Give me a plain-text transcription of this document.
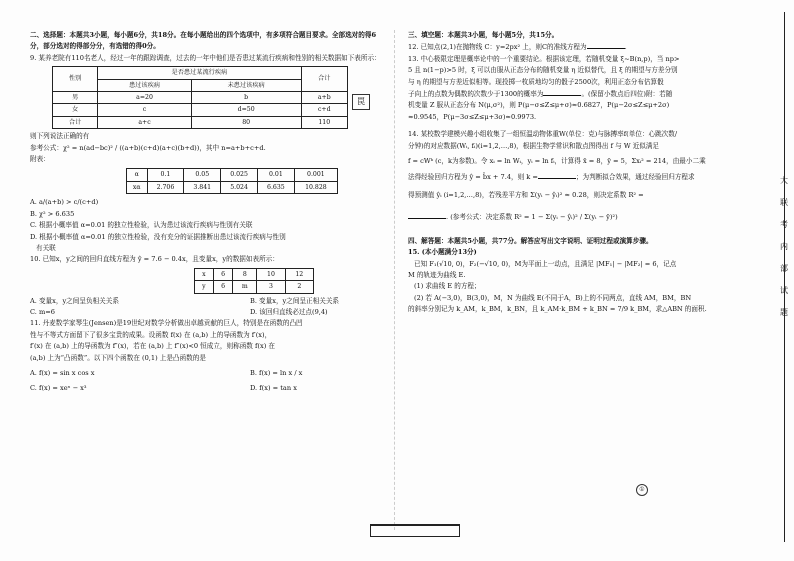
二、选择题：本题共3小题，每小题6分，共18分。在每小题给出的四个选项中，有多项符合题目要求。全部选对的得6分，部分选对的得部分分，有选错的得0分。

9. 某养老院有110名老人，经过一年的跟踪调查，过去的一年中他们是否患过某流行疾病和性别的相关数据如下表所示：

性别	是否患过某流行疾病		合计
	患过该疾病	未患过该疾病	
男	a=20	b	a+b
女	c	d=50	c+d
合计	a+c	80	110

则下列说法正确的有

参考公式：χ² = n(ad−bc)² / ((a+b)(c+d)(a+c)(b+d))，其中 n=a+b+c+d.

附表：

α	0.1	0.05	0.025	0.01	0.001
xα	2.706	3.841	5.024	6.635	10.828

A. a/(a+b) > c/(c+d)

B. χ² > 6.635

C. 根据小概率值 α=0.01 的独立性检验，认为患过该流行疾病与性别有关联

D. 根据小概率值 α=0.01 的独立性检验，没有充分的证据推断出患过该流行疾病与性别

有关联

10. 已知x，y之间的回归直线方程为 ŷ = 7.6 − 0.4x，且变量x，y的数据如表所示：

x	6	8	10	12
y	6	m	3	2
A. 变量x，y之间呈负相关关系	B. 变量x，y之间呈正相关关系
C. m=6	D. 该回归直线必过点(9,4)

11. 丹麦数学家琴生(Jensen)是19世纪对数学分析做出卓越贡献的巨人，特别是在函数的凸凹

性与不等式方面留下了很多宝贵的成果。设函数 f(x) 在 (a,b) 上的导函数为 f′(x)，

f′(x) 在 (a,b) 上的导函数为 f″(x)，若在 (a,b) 上 f″(x)<0 恒成立，则称函数 f(x) 在

(a,b) 上为“凸函数”。以下四个函数在 (0,1) 上是凸函数的是

A. f(x) = sin x cos x	B. f(x) = ln x / x
C. f(x) = xeˣ − x³	D. f(x) = tan x
罠

三、填空题：本题共3小题，每小题5分，共15分。

12. 已知点(2,1)在抛物线 C：y=2px² 上，则C的准线方程为	.

13. 中心极限定理是概率论中的一个重要结论。根据该定理，若随机变量 ξ~B(n,p)，当 np>

5 且 n(1−p)>5 时，ξ 可以由服从正态分布的随机变量 η 近似替代，且 ξ 的期望与方差分别

与 η 的期望与方差近似相等。现投掷一枚质地均匀的骰子2500次，利用正态分布估算骰

子向上的点数为偶数的次数少于1300的概率为	。(保留小数点后四位)附：若随

机变量 Z 服从正态分布 N(μ,σ²)，则 P(μ−σ≤Z≤μ+σ)≈0.6827，P(μ−2σ≤Z≤μ+2σ)

≈0.9545，P(μ−3σ≤Z≤μ+3σ)≈0.9973.

14. 某校数学建模兴趣小组收集了一组恒温动物体重W(单位：克)与脉搏率f(单位：心跳次数/

分钟)的对应数据(Wᵢ, fᵢ)(i=1,2,…,8)，根据生物学常识和散点图得出 f 与 W 近似满足

f = cWᵏ (c，k为参数)。令 xᵢ = ln Wᵢ，yᵢ = ln fᵢ，计算得 x̄ = 8，ȳ = 5，Σxᵢ² = 214，由最小二乘

法得经验回归方程为 ŷ = b̂x + 7.4，则 k =	；为判断拟合效果，通过经验回归方程求

得预测值 ŷᵢ (i=1,2,…,8)，若残差平方和 Σ(yᵢ − ŷᵢ)² ≈ 0.28，则决定系数 R² =

. (参考公式：决定系数 R² = 1 − Σ(yᵢ − ŷᵢ)² / Σ(yᵢ − ȳ)²)

四、解答题：本题共5小题，共77分。解答应写出文字说明、证明过程或演算步骤。

15. (本小题满分13分)

已知 F₁(√10, 0)，F₂(−√10, 0)，M为平面上一动点，且满足 |MF₁| − |MF₂| = 6，记点

M 的轨迹为曲线 E.

(1) 求曲线 E 的方程；

(2) 若 A(−3,0)，B(3,0)，M，N 为曲线 E(不同于A，B)上的不同两点，直线 AM，BM，BN

的斜率分别记为 k_AM，k_BM，k_BN，且 k_AM·k_BM + k_BN = 7/9 k_BM，求△ABN 的面积.

①
大 联 考 内 部 试 题
